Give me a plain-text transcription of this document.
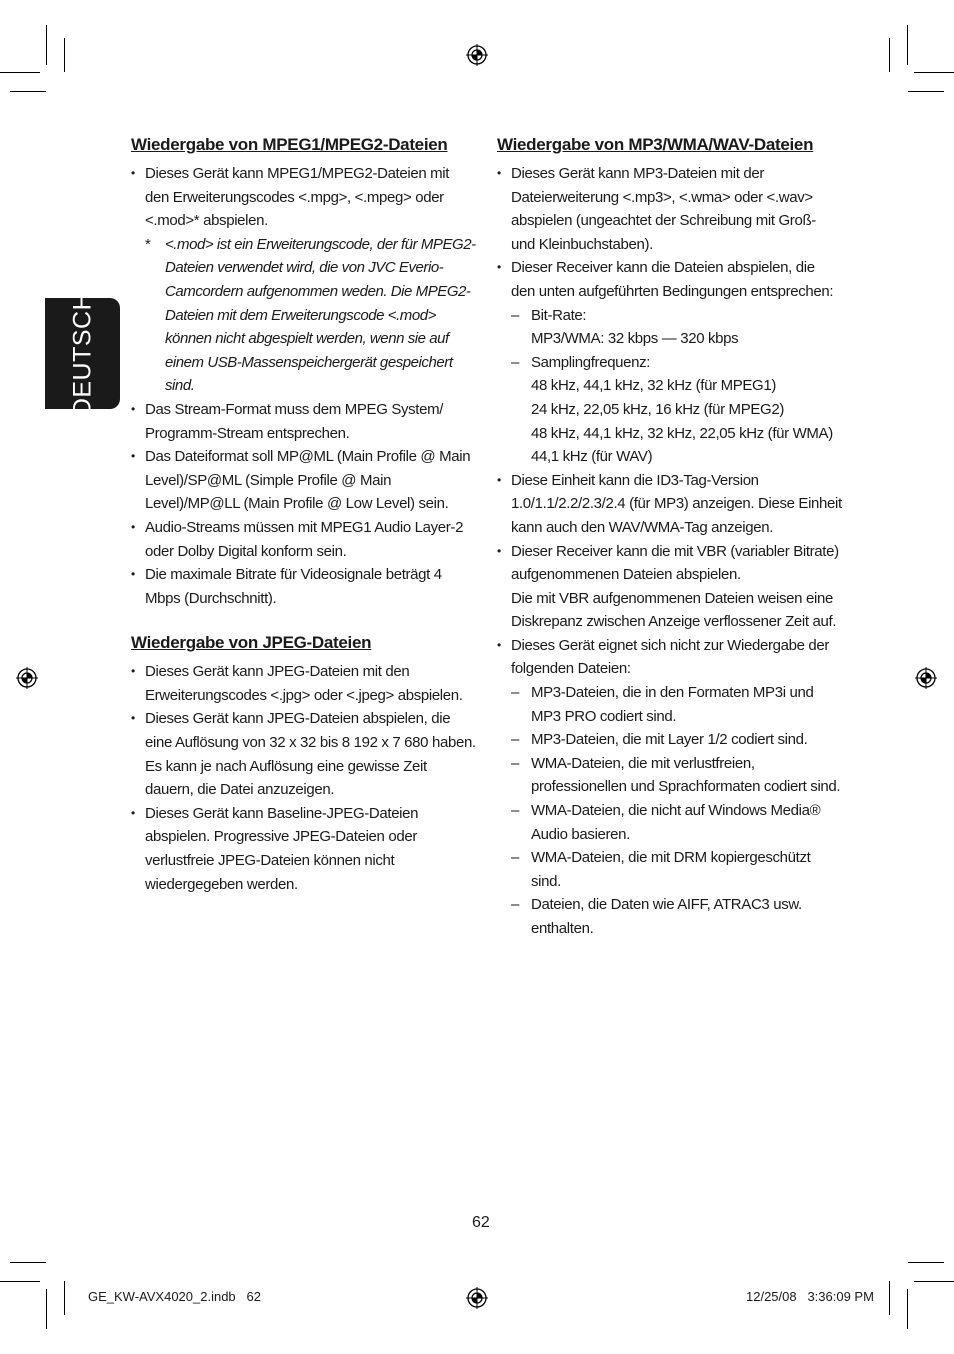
DEUTSCH
Wiedergabe von MPEG1/MPEG2-Dateien
• Dieses Gerät kann MPEG1/MPEG2-Dateien mit den Erweiterungscodes <.mpg>, <.mpeg> oder <.mod>* abspielen.
* <.mod> ist ein Erweiterungscode, der für MPEG2-Dateien verwendet wird, die von JVC Everio-Camcordern aufgenommen weden. Die MPEG2-Dateien mit dem Erweiterungscode <.mod> können nicht abgespielt werden, wenn sie auf einem USB-Massenspeichergerät gespeichert sind.
• Das Stream-Format muss dem MPEG System/ Programm-Stream entsprechen.
• Das Dateiformat soll MP@ML (Main Profile @ Main Level)/SP@ML (Simple Profile @ Main Level)/MP@LL (Main Profile @ Low Level) sein.
• Audio-Streams müssen mit MPEG1 Audio Layer-2 oder Dolby Digital konform sein.
• Die maximale Bitrate für Videosignale beträgt 4 Mbps (Durchschnitt).
Wiedergabe von JPEG-Dateien
• Dieses Gerät kann JPEG-Dateien mit den Erweiterungscodes <.jpg> oder <.jpeg> abspielen.
• Dieses Gerät kann JPEG-Dateien abspielen, die eine Auflösung von 32 x 32 bis 8 192 x 7 680 haben. Es kann je nach Auflösung eine gewisse Zeit dauern, die Datei anzuzeigen.
• Dieses Gerät kann Baseline-JPEG-Dateien abspielen. Progressive JPEG-Dateien oder verlustfreie JPEG-Dateien können nicht wiedergegeben werden.
Wiedergabe von MP3/WMA/WAV-Dateien
• Dieses Gerät kann MP3-Dateien mit der Dateierweiterung <.mp3>, <.wma> oder <.wav> abspielen (ungeachtet der Schreibung mit Groß- und Kleinbuchstaben).
• Dieser Receiver kann die Dateien abspielen, die den unten aufgeführten Bedingungen entsprechen:
– Bit-Rate:
MP3/WMA: 32 kbps — 320 kbps
– Samplingfrequenz:
48 kHz, 44,1 kHz, 32 kHz (für MPEG1)
24 kHz, 22,05 kHz, 16 kHz (für MPEG2)
48 kHz, 44,1 kHz, 32 kHz, 22,05 kHz (für WMA)
44,1 kHz (für WAV)
• Diese Einheit kann die ID3-Tag-Version 1.0/1.1/2.2/2.3/2.4 (für MP3) anzeigen. Diese Einheit kann auch den WAV/WMA-Tag anzeigen.
• Dieser Receiver kann die mit VBR (variabler Bitrate) aufgenommenen Dateien abspielen.
Die mit VBR aufgenommenen Dateien weisen eine Diskrepanz zwischen Anzeige verflossener Zeit auf.
• Dieses Gerät eignet sich nicht zur Wiedergabe der folgenden Dateien:
– MP3-Dateien, die in den Formaten MP3i und MP3 PRO codiert sind.
– MP3-Dateien, die mit Layer 1/2 codiert sind.
– WMA-Dateien, die mit verlustfreien, professionellen und Sprachformaten codiert sind.
– WMA-Dateien, die nicht auf Windows Media® Audio basieren.
– WMA-Dateien, die mit DRM kopiergeschützt sind.
– Dateien, die Daten wie AIFF, ATRAC3 usw. enthalten.
62
GE_KW-AVX4020_2.indb   62	12/25/08   3:36:09 PM
